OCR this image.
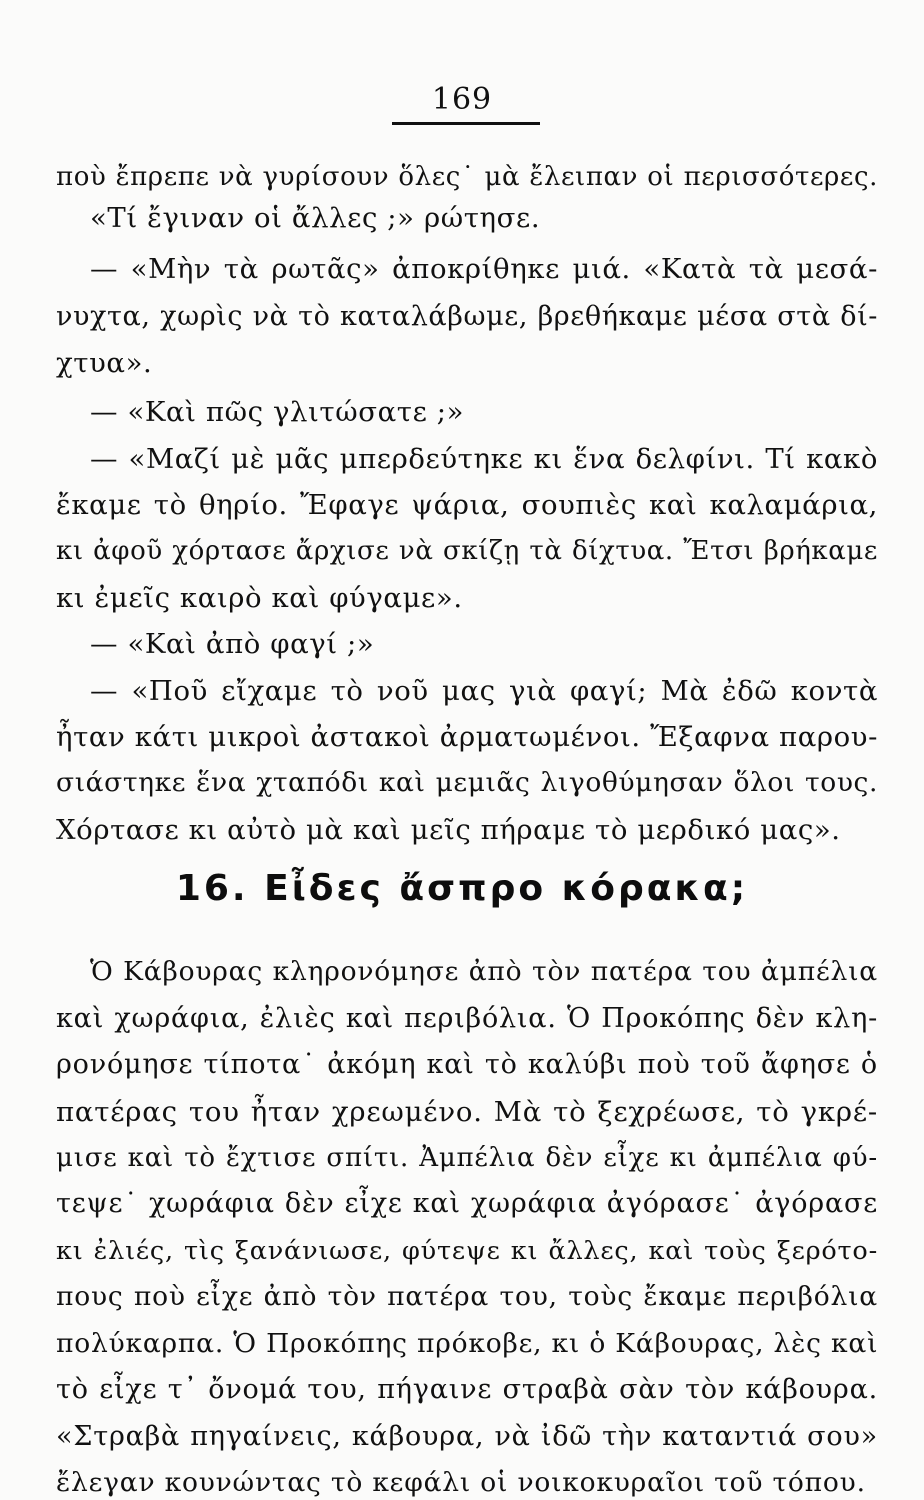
169
ποὺ ἔπρεπε νὰ γυρίσουν ὅλες˙ μὰ ἔλειπαν οἱ περισσότερες.
«Τί ἔγιναν οἱ ἄλλες ;» ρώτησε.
— «Μὴν τὰ ρωτᾶς» ἀποκρίθηκε μιά. «Κατὰ τὰ μεσά-
νυχτα, χωρὶς νὰ τὸ καταλάβωμε, βρεθήκαμε μέσα στὰ δί-
χτυα».
— «Καὶ πῶς γλιτώσατε ;»
— «Μαζί μὲ μᾶς μπερδεύτηκε κι ἕνα δελφίνι. Τί κακὸ
ἔκαμε τὸ θηρίο. Ἔφαγε ψάρια, σουπιὲς καὶ καλαμάρια,
κι ἀφοῦ χόρτασε ἄρχισε νὰ σκίζῃ τὰ δίχτυα. Ἔτσι βρήκαμε
κι ἐμεῖς καιρὸ καὶ φύγαμε».
— «Καὶ ἀπὸ φαγί ;»
— «Ποῦ εἴχαμε τὸ νοῦ μας γιὰ φαγί; Μὰ ἐδῶ κοντὰ
ἦταν κάτι μικροὶ ἀστακοὶ ἀρματωμένοι. Ἔξαφνα παρου-
σιάστηκε ἕνα χταπόδι καὶ μεμιᾶς λιγοθύμησαν ὅλοι τους.
Χόρτασε κι αὐτὸ μὰ καὶ μεῖς πήραμε τὸ μερδικό μας».
16. Εἶδες ἄσπρο κόρακα;
Ὁ Κάβουρας κληρονόμησε ἀπὸ τὸν πατέρα του ἀμπέλια
καὶ χωράφια, ἐλιὲς καὶ περιβόλια. Ὁ Προκόπης δὲν κλη-
ρονόμησε τίποτα˙ ἀκόμη καὶ τὸ καλύβι ποὺ τοῦ ἄφησε ὁ
πατέρας του ἦταν χρεωμένο. Μὰ τὸ ξεχρέωσε, τὸ γκρέ-
μισε καὶ τὸ ἔχτισε σπίτι. Ἀμπέλια δὲν εἶχε κι ἀμπέλια φύ-
τεψε˙ χωράφια δὲν εἶχε καὶ χωράφια ἀγόρασε˙ ἀγόρασε
κι ἐλιές, τὶς ξανάνιωσε, φύτεψε κι ἄλλες, καὶ τοὺς ξερότο-
πους ποὺ εἶχε ἀπὸ τὸν πατέρα του, τοὺς ἔκαμε περιβόλια
πολύκαρπα. Ὁ Προκόπης πρόκοβε, κι ὁ Κάβουρας, λὲς καὶ
τὸ εἶχε τ᾽ ὄνομά του, πήγαινε στραβὰ σὰν τὸν κάβουρα.
«Στραβὰ πηγαίνεις, κάβουρα, νὰ ἰδῶ τὴν καταντιά σου»
ἔλεγαν κουνώντας τὸ κεφάλι οἱ νοικοκυραῖοι τοῦ τόπου.
